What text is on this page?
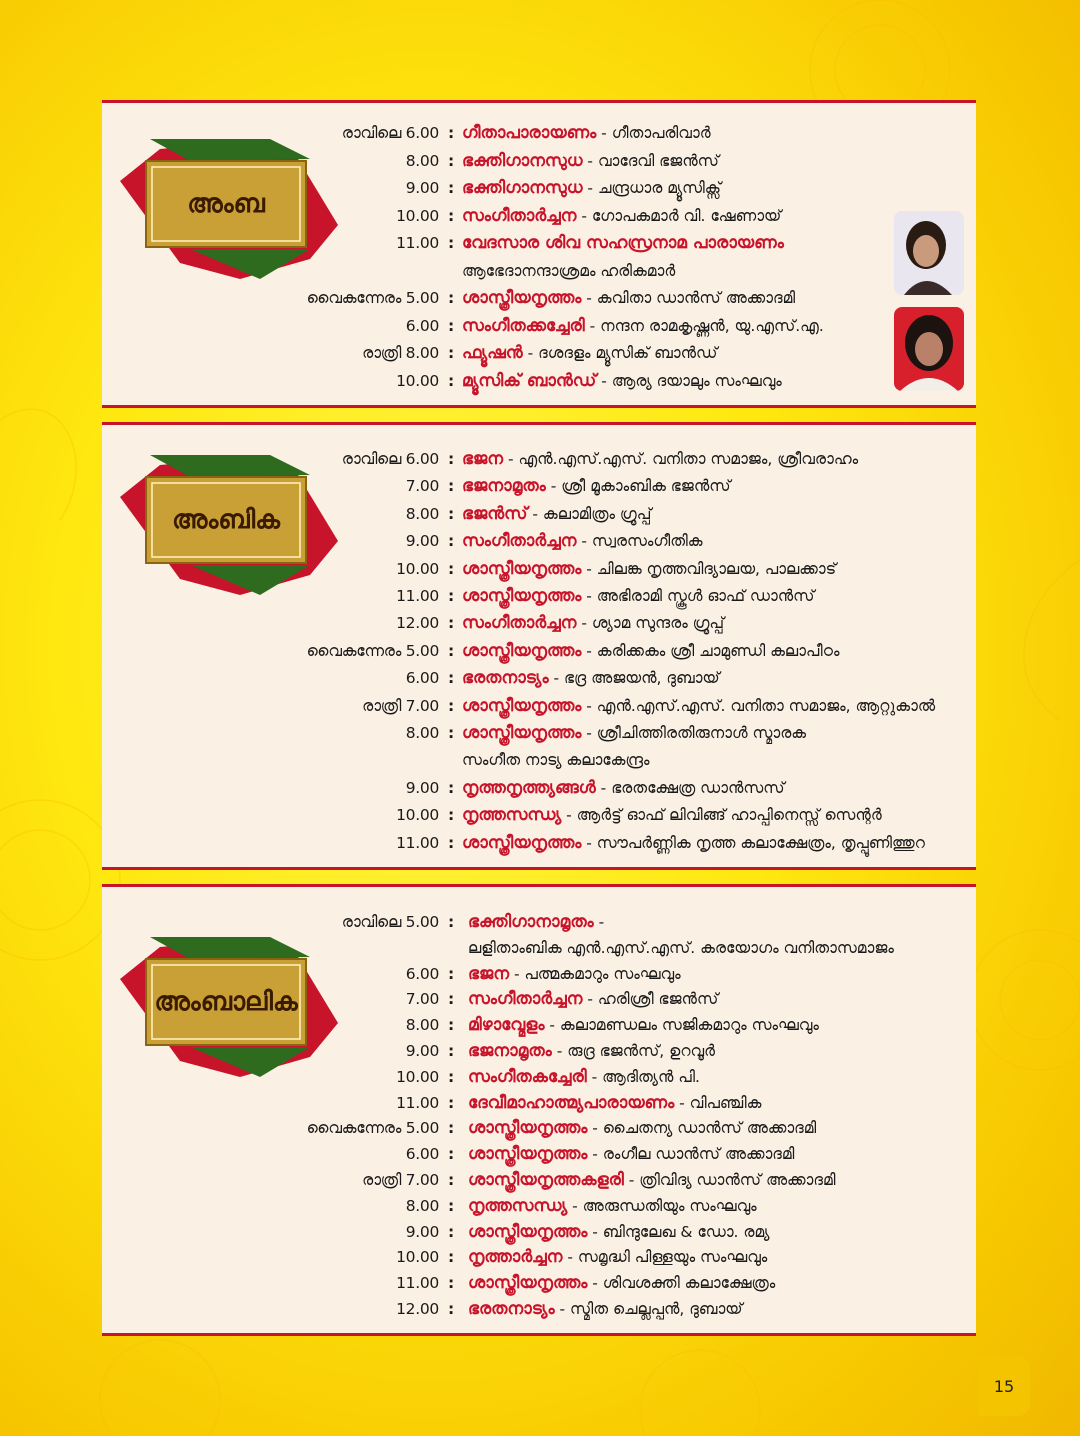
അംബ
രാവിലെ 6.00 : ഗീതാപാരായണം - ഗീതാപരിവാർ
8.00 : ഭക്തിഗാനസുധ - വാദേവി ഭജൻസ്
9.00 : ഭക്തിഗാനസുധ - ചന്ദ്രധാര മ്യൂസിക്സ്
10.00 : സംഗീതാർച്ചന - ഗോപകമാർ വി. ഷേണായ്
11.00 : വേദസാര ശിവ സഹസ്രനാമ പാരായണം
ആഭേദാനന്ദാശ്രമം ഹരികമാർ
വൈകന്നേരം 5.00 : ശാസ്ത്രീയനൃത്തം - കവിതാ ഡാൻസ് അക്കാദമി
6.00 : സംഗീതക്കച്ചേരി - നന്ദന രാമകൃഷ്ണൻ, യു.എസ്.എ.
രാത്രി 8.00 : ഫ്യൂഷൻ - ദശദളം മ്യൂസിക് ബാൻഡ്
10.00 : മ്യൂസിക് ബാൻഡ് - ആര്യ ദയാലും സംഘവും
അംബിക
രാവിലെ 6.00 : ഭജന - എൻ.എസ്.എസ്. വനിതാ സമാജം, ശ്രീവരാഹം
7.00 : ഭജനാമൃതം - ശ്രീ മൂകാംബിക ഭജൻസ്
8.00 : ഭജൻസ് - കലാമിത്രം ഗ്രൂപ്പ്
9.00 : സംഗീതാർച്ചന - സ്വരസംഗീതിക
10.00 : ശാസ്ത്രീയനൃത്തം - ചിലങ്ക നൃത്തവിദ്യാലയ, പാലക്കാട്
11.00 : ശാസ്ത്രീയനൃത്തം - അഭിരാമി സ്കൂൾ ഓഫ് ഡാൻസ്
12.00 : സംഗീതാർച്ചന - ശ്യാമ സുന്ദരം ഗ്രൂപ്പ്
വൈകന്നേരം 5.00 : ശാസ്ത്രീയനൃത്തം - കരിക്കകം ശ്രീ ചാമുണ്ഡി കലാപീഠം
6.00 : ഭരതനാട്യം - ഭദ്ര അജയൻ, ദുബായ്
രാത്രി 7.00 : ശാസ്ത്രീയനൃത്തം - എൻ.എസ്.എസ്. വനിതാ സമാജം, ആറ്റുകാൽ
8.00 : ശാസ്ത്രീയനൃത്തം - ശ്രീചിത്തിരതിരുനാൾ സ്മാരക
സംഗീത നാട്യ കലാകേന്ദ്രം
9.00 : നൃത്തനൃത്ത്യങ്ങൾ - ഭരതക്ഷേത്ര ഡാൻസസ്
10.00 : നൃത്തസന്ധ്യ - ആർട്ട് ഓഫ് ലിവിങ്ങ് ഹാപ്പിനെസ്സ് സെന്റർ
11.00 : ശാസ്ത്രീയനൃത്തം - സൗപർണ്ണിക നൃത്ത കലാക്ഷേത്രം, തൃപ്പൂണിത്തുറ
അംബാലിക
രാവിലെ 5.00 : ഭക്തിഗാനാമൃതം -
ലളിതാംബിക എൻ.എസ്.എസ്. കരയോഗം വനിതാസമാജം
6.00 : ഭജന - പത്മകമാറും സംഘവും
7.00 : സംഗീതാർച്ചന - ഹരിശ്രീ ഭജൻസ്
8.00 : മിഴാവ്മേളം - കലാമണ്ഡലം സജികമാറും സംഘവും
9.00 : ഭജനാമൃതം - രുദ്ര ഭജൻസ്, ഉറവൂർ
10.00 : സംഗീതകച്ചേരി - ആദിത്യൻ പി.
11.00 : ദേവീമാഹാത്മ്യപാരായണം - വിപഞ്ചിക
വൈകന്നേരം 5.00 : ശാസ്ത്രീയനൃത്തം - ചൈതന്യ ഡാൻസ് അക്കാദമി
6.00 : ശാസ്ത്രീയനൃത്തം - രംഗീല ഡാൻസ് അക്കാദമി
രാത്രി 7.00 : ശാസ്ത്രീയനൃത്തകളരി - ത്രിവിദ്യ ഡാൻസ് അക്കാദമി
8.00 : നൃത്തസന്ധ്യ - അരുന്ധതിയും സംഘവും
9.00 : ശാസ്ത്രീയനൃത്തം - ബിന്ദുലേഖ & ഡോ. രമ്യ
10.00 : നൃത്താർച്ചന - സമൃദ്ധി പിള്ളയും സംഘവും
11.00 : ശാസ്ത്രീയനൃത്തം - ശിവശക്തി കലാക്ഷേത്രം
12.00 : ഭരതനാട്യം - സ്മിത ചെല്ലപ്പൻ, ദുബായ്
15
